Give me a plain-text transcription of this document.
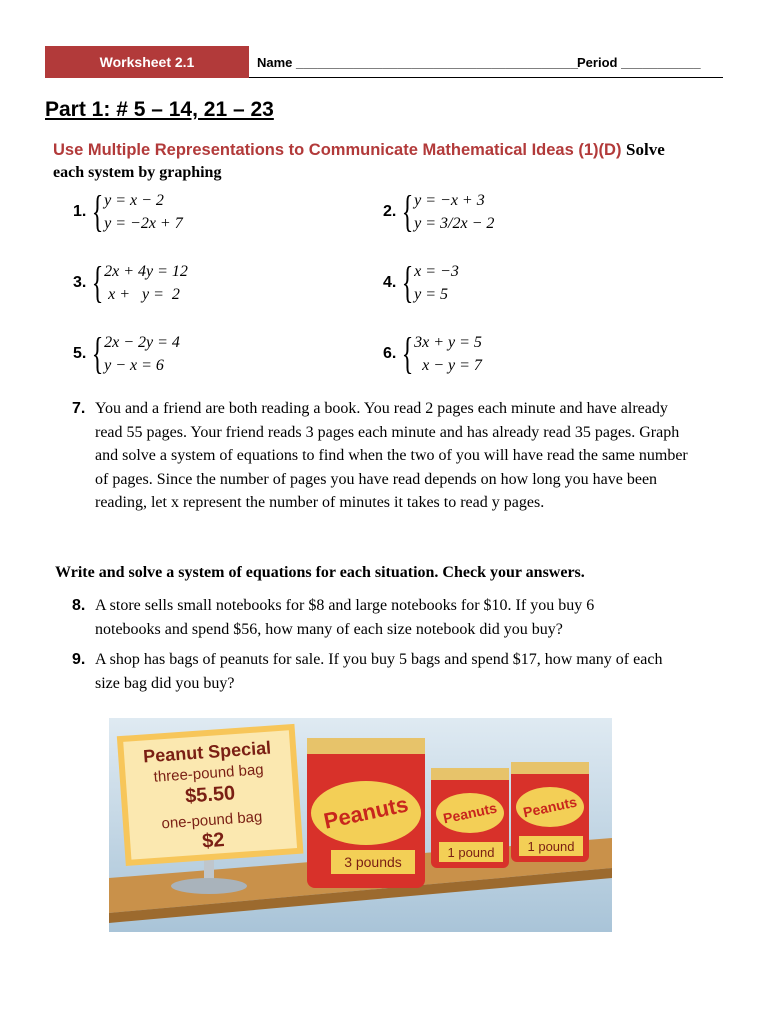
Worksheet 2.1	Name _______________________________________ Period ___________
Part 1: # 5 – 14, 21 – 23
Use Multiple Representations to Communicate Mathematical Ideas (1)(D) Solve
each system by graphing
1. { y = x − 2
y = −2x + 7
2. { y = −x + 3
y = 3/2x − 2
3. { 2x + 4y = 12
x +   y =  2
4. { x = −3
y = 5
5. { 2x − 2y = 4
y − x = 6
6. { 3x + y = 5
x − y = 7
7. You and a friend are both reading a book. You read 2 pages each minute and have already read 55 pages. Your friend reads 3 pages each minute and has already read 35 pages. Graph and solve a system of equations to find when the two of you will have read the same number of pages. Since the number of pages you have read depends on how long you have been reading, let x represent the number of minutes it takes to read y pages.
Write and solve a system of equations for each situation. Check your answers.
8. A store sells small notebooks for $8 and large notebooks for $10. If you buy 6 notebooks and spend $56, how many of each size notebook did you buy?
9. A shop has bags of peanuts for sale. If you buy 5 bags and spend $17, how many of each size bag did you buy?
Peanut Special
three-pound bag
$5.50
one-pound bag
$2
Peanuts
3 pounds
Peanuts
1 pound
Peanuts
1 pound
